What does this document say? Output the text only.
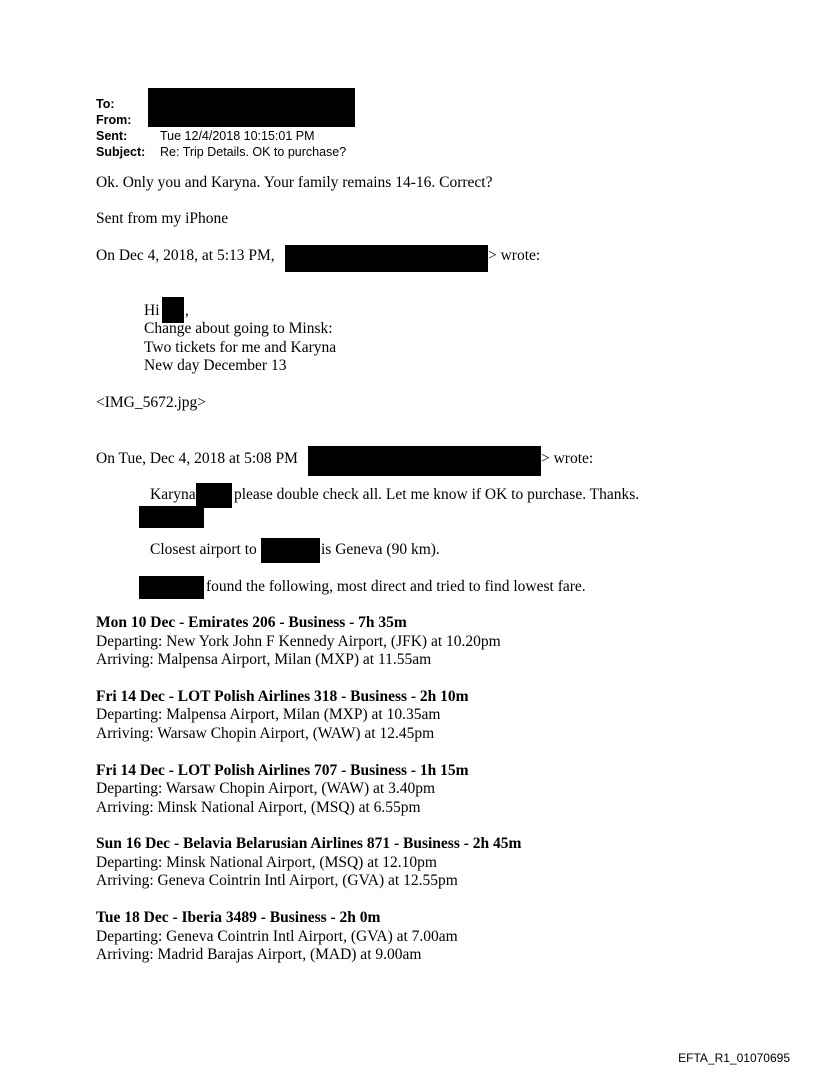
To:
From:
Sent:	Tue 12/4/2018 10:15:01 PM
Subject: Re: Trip Details. OK to purchase?
Ok. Only you and Karyna. Your family remains 14-16. Correct?
Sent from my iPhone
On Dec 4, 2018, at 5:13 PM,	> wrote:
Hi ,
Change about going to Minsk:
Two tickets for me and Karyna
New day December 13
<IMG_5672.jpg>
On Tue, Dec 4, 2018 at 5:08 PM	> wrote:
Karyna please double check all. Let me know if OK to purchase. Thanks.
Closest airport to	is Geneva (90 km).
found the following, most direct and tried to find lowest fare.
Mon 10 Dec - Emirates 206 - Business - 7h 35m
Departing: New York John F Kennedy Airport, (JFK) at 10.20pm
Arriving: Malpensa Airport, Milan (MXP) at 11.55am
Fri 14 Dec - LOT Polish Airlines 318 - Business - 2h 10m
Departing: Malpensa Airport, Milan (MXP) at 10.35am
Arriving: Warsaw Chopin Airport, (WAW) at 12.45pm
Fri 14 Dec - LOT Polish Airlines 707 - Business - 1h 15m
Departing: Warsaw Chopin Airport, (WAW) at 3.40pm
Arriving: Minsk National Airport, (MSQ) at 6.55pm
Sun 16 Dec - Belavia Belarusian Airlines 871 - Business - 2h 45m
Departing: Minsk National Airport, (MSQ) at 12.10pm
Arriving: Geneva Cointrin Intl Airport, (GVA) at 12.55pm
Tue 18 Dec - Iberia 3489 - Business - 2h 0m
Departing: Geneva Cointrin Intl Airport, (GVA) at 7.00am
Arriving: Madrid Barajas Airport, (MAD) at 9.00am
EFTA_R1_01070695
